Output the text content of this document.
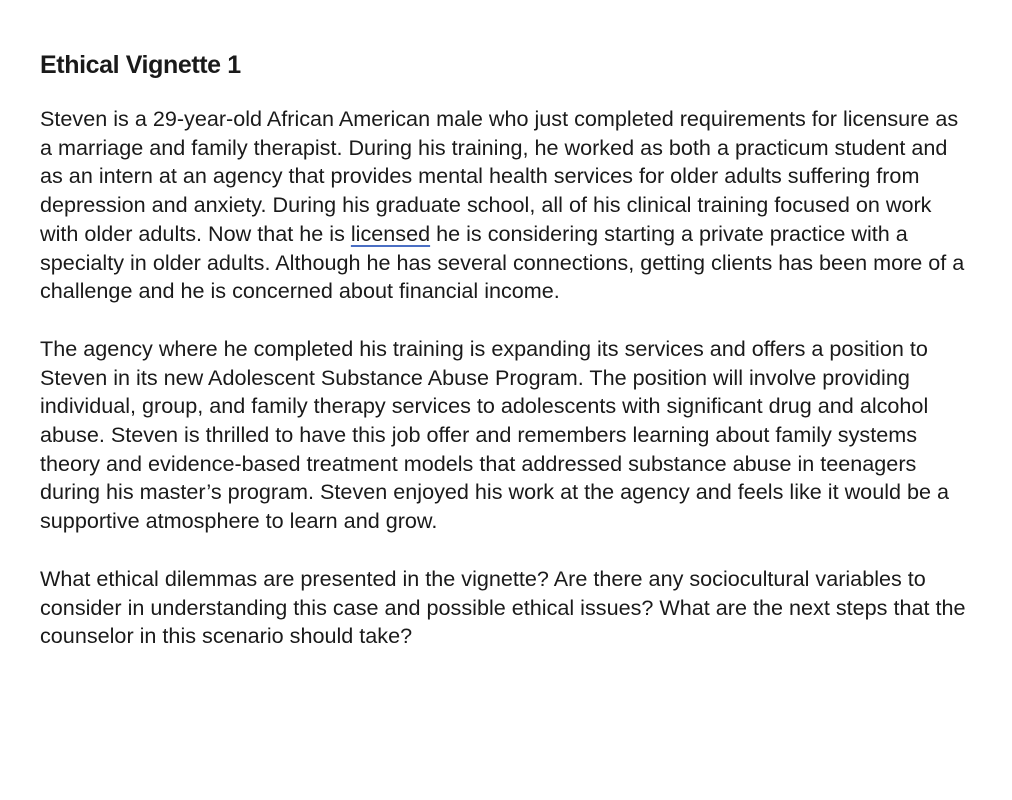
Ethical Vignette 1

Steven is a 29-year-old African American male who just completed requirements for licensure as a marriage and family therapist. During his training, he worked as both a practicum student and as an intern at an agency that provides mental health services for older adults suffering from depression and anxiety. During his graduate school, all of his clinical training focused on work with older adults. Now that he is licensed he is considering starting a private practice with a specialty in older adults. Although he has several connections, getting clients has been more of a challenge and he is concerned about financial income.

The agency where he completed his training is expanding its services and offers a position to Steven in its new Adolescent Substance Abuse Program. The position will involve providing individual, group, and family therapy services to adolescents with significant drug and alcohol abuse. Steven is thrilled to have this job offer and remembers learning about family systems theory and evidence-based treatment models that addressed substance abuse in teenagers during his master’s program. Steven enjoyed his work at the agency and feels like it would be a supportive atmosphere to learn and grow.

What ethical dilemmas are presented in the vignette? Are there any sociocultural variables to consider in understanding this case and possible ethical issues? What are the next steps that the counselor in this scenario should take?
